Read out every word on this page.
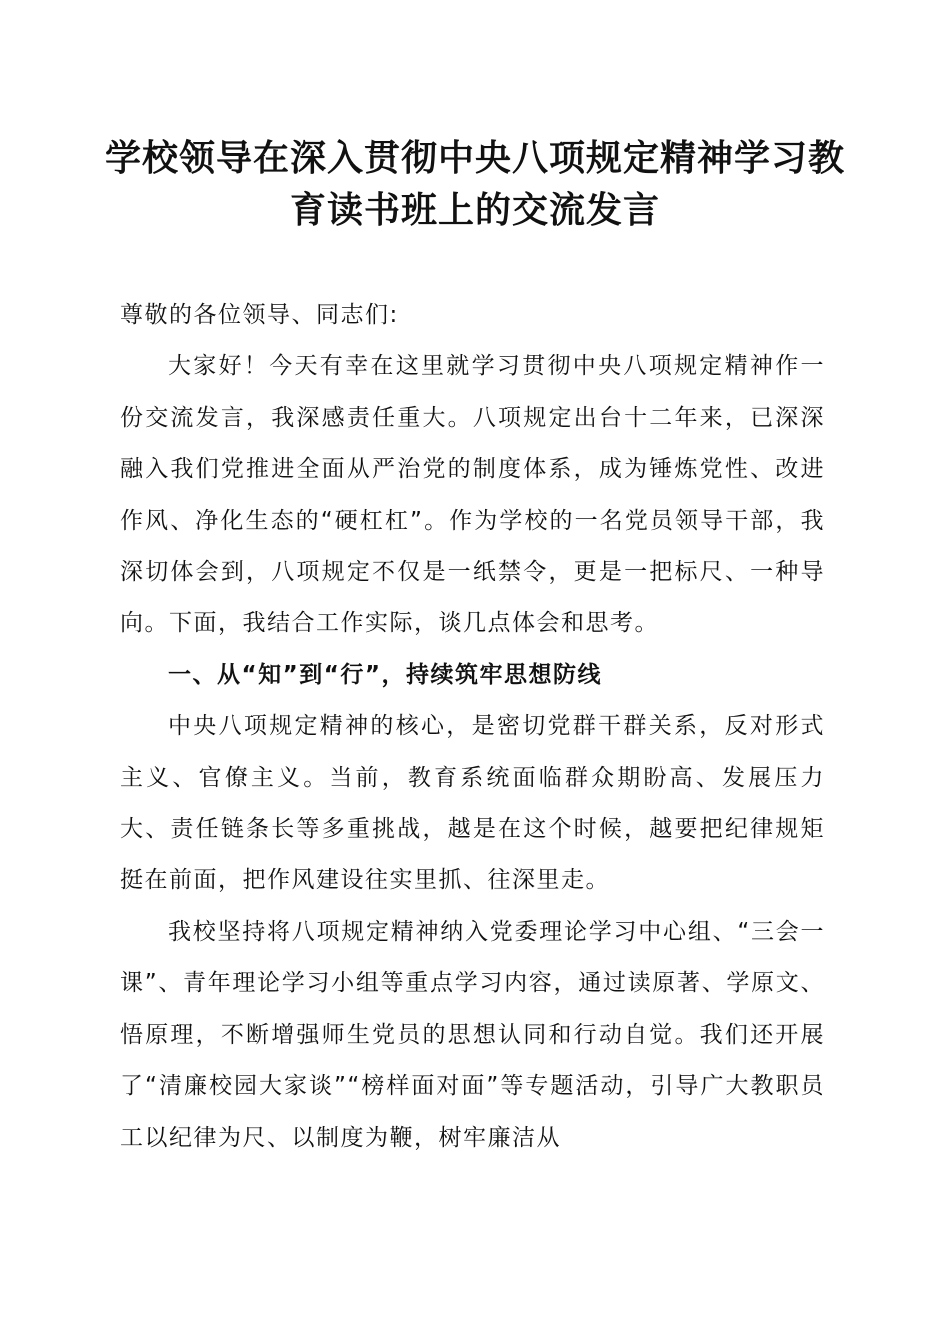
学校领导在深入贯彻中央八项规定精神学习教
育读书班上的交流发言

尊敬的各位领导、同志们:

大家好！今天有幸在这里就学习贯彻中央八项规定精神作一份交流发言，我深感责任重大。八项规定出台十二年来，已深深融入我们党推进全面从严治党的制度体系，成为锤炼党性、改进作风、净化生态的“硬杠杠”。作为学校的一名党员领导干部，我深切体会到，八项规定不仅是一纸禁令，更是一把标尺、一种导向。下面，我结合工作实际，谈几点体会和思考。

一、从“知”到“行”，持续筑牢思想防线

中央八项规定精神的核心，是密切党群干群关系，反对形式主义、官僚主义。当前，教育系统面临群众期盼高、发展压力大、责任链条长等多重挑战，越是在这个时候，越要把纪律规矩挺在前面，把作风建设往实里抓、往深里走。

我校坚持将八项规定精神纳入党委理论学习中心组、“三会一课”、青年理论学习小组等重点学习内容，通过读原著、学原文、悟原理，不断增强师生党员的思想认同和行动自觉。我们还开展了“清廉校园大家谈”“榜样面对面”等专题活动，引导广大教职员工以纪律为尺、以制度为鞭，树牢廉洁从
